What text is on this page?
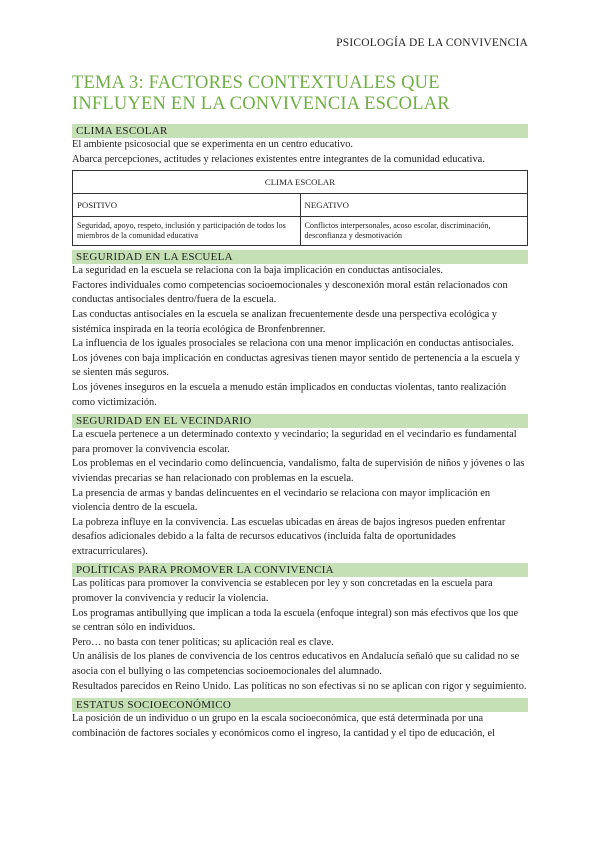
PSICOLOGÍA DE LA CONVIVENCIA
TEMA 3: FACTORES CONTEXTUALES QUE INFLUYEN EN LA CONVIVENCIA ESCOLAR
CLIMA ESCOLAR

El ambiente psicosocial que se experimenta en un centro educativo.

Abarca percepciones, actitudes y relaciones existentes entre integrantes de la comunidad educativa.

CLIMA ESCOLAR	
POSITIVO	NEGATIVO
Seguridad, apoyo, respeto, inclusión y participación de todos los miembros de la comunidad educativa	Conflictos interpersonales, acoso escolar, discriminación, desconfianza y desmotivación
SEGURIDAD EN LA ESCUELA

La seguridad en la escuela se relaciona con la baja implicación en conductas antisociales.

Factores individuales como competencias socioemocionales y desconexión moral están relacionados con conductas antisociales dentro/fuera de la escuela.

Las conductas antisociales en la escuela se analizan frecuentemente desde una perspectiva ecológica y sistémica inspirada en la teoría ecológica de Bronfenbrenner.

La influencia de los iguales prosociales se relaciona con una menor implicación en conductas antisociales.

Los jóvenes con baja implicación en conductas agresivas tienen mayor sentido de pertenencia a la escuela y se sienten más seguros.

Los jóvenes inseguros en la escuela a menudo están implicados en conductas violentas, tanto realización como victimización.

SEGURIDAD EN EL VECINDARIO

La escuela pertenece a un determinado contexto y vecindario; la seguridad en el vecindario es fundamental para promover la convivencia escolar.

Los problemas en el vecindario como delincuencia, vandalismo, falta de supervisión de niños y jóvenes o las viviendas precarias se han relacionado con problemas en la escuela.

La presencia de armas y bandas delincuentes en el vecindario se relaciona con mayor implicación en violencia dentro de la escuela.

La pobreza influye en la convivencia. Las escuelas ubicadas en áreas de bajos ingresos pueden enfrentar desafíos adicionales debido a la falta de recursos educativos (incluida falta de oportunidades extracurriculares).

POLÍTICAS PARA PROMOVER LA CONVIVENCIA

Las políticas para promover la convivencia se establecen por ley y son concretadas en la escuela para promover la convivencia y reducir la violencia.

Los programas antibullying que implican a toda la escuela (enfoque integral) son más efectivos que los que se centran sólo en individuos.

Pero… no basta con tener políticas; su aplicación real es clave.

Un análisis de los planes de convivencia de los centros educativos en Andalucía señaló que su calidad no se asocia con el bullying o las competencias socioemocionales del alumnado.

Resultados parecidos en Reino Unido. Las políticas no son efectivas si no se aplican con rigor y seguimiento.

ESTATUS SOCIOECONÓMICO

La posición de un individuo o un grupo en la escala socioeconómica, que está determinada por una combinación de factores sociales y económicos como el ingreso, la cantidad y el tipo de educación, el
